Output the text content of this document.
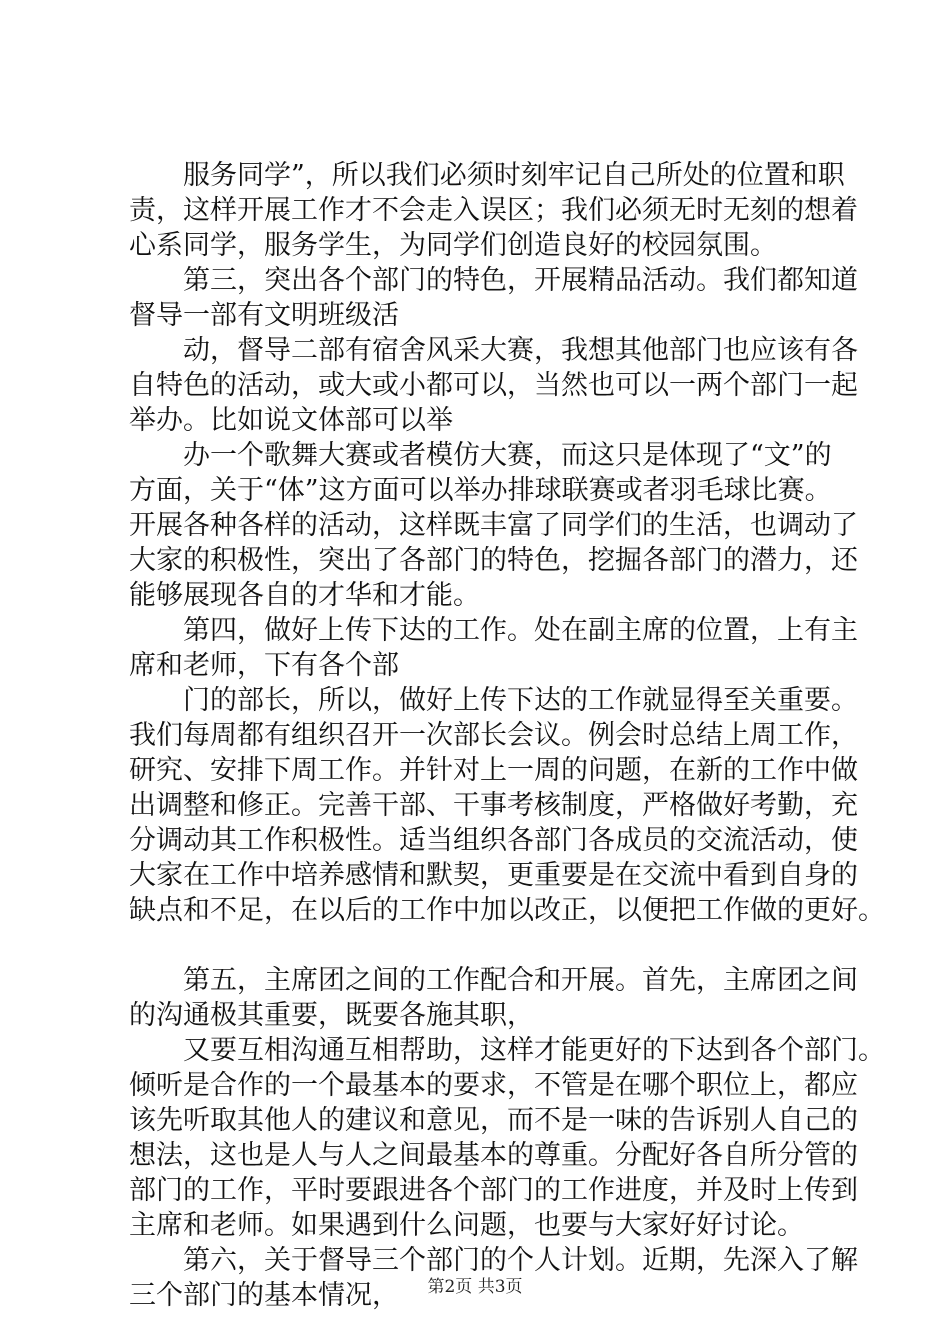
服务同学”，所以我们必须时刻牢记自己所处的位置和职
责，这样开展工作才不会走入误区；我们必须无时无刻的想着
心系同学，服务学生，为同学们创造良好的校园氛围。
第三，突出各个部门的特色，开展精品活动。我们都知道
督导一部有文明班级活
动，督导二部有宿舍风采大赛，我想其他部门也应该有各
自特色的活动，或大或小都可以，当然也可以一两个部门一起
举办。比如说文体部可以举
办一个歌舞大赛或者模仿大赛，而这只是体现了“文”的
方面，关于“体”这方面可以举办排球联赛或者羽毛球比赛。
开展各种各样的活动，这样既丰富了同学们的生活，也调动了
大家的积极性，突出了各部门的特色，挖掘各部门的潜力，还
能够展现各自的才华和才能。
第四，做好上传下达的工作。处在副主席的位置，上有主
席和老师，下有各个部
门的部长，所以，做好上传下达的工作就显得至关重要。
我们每周都有组织召开一次部长会议。例会时总结上周工作，
研究、安排下周工作。并针对上一周的问题，在新的工作中做
出调整和修正。完善干部、干事考核制度，严格做好考勤，充
分调动其工作积极性。适当组织各部门各成员的交流活动，使
大家在工作中培养感情和默契，更重要是在交流中看到自身的
缺点和不足，在以后的工作中加以改正，以便把工作做的更好。
第五，主席团之间的工作配合和开展。首先，主席团之间
的沟通极其重要，既要各施其职，
又要互相沟通互相帮助，这样才能更好的下达到各个部门。
倾听是合作的一个最基本的要求，不管是在哪个职位上，都应
该先听取其他人的建议和意见，而不是一味的告诉别人自己的
想法，这也是人与人之间最基本的尊重。分配好各自所分管的
部门的工作，平时要跟进各个部门的工作进度，并及时上传到
主席和老师。如果遇到什么问题，也要与大家好好讨论。
第六，关于督导三个部门的个人计划。近期，先深入了解
三个部门的基本情况，	第2页 共3页
